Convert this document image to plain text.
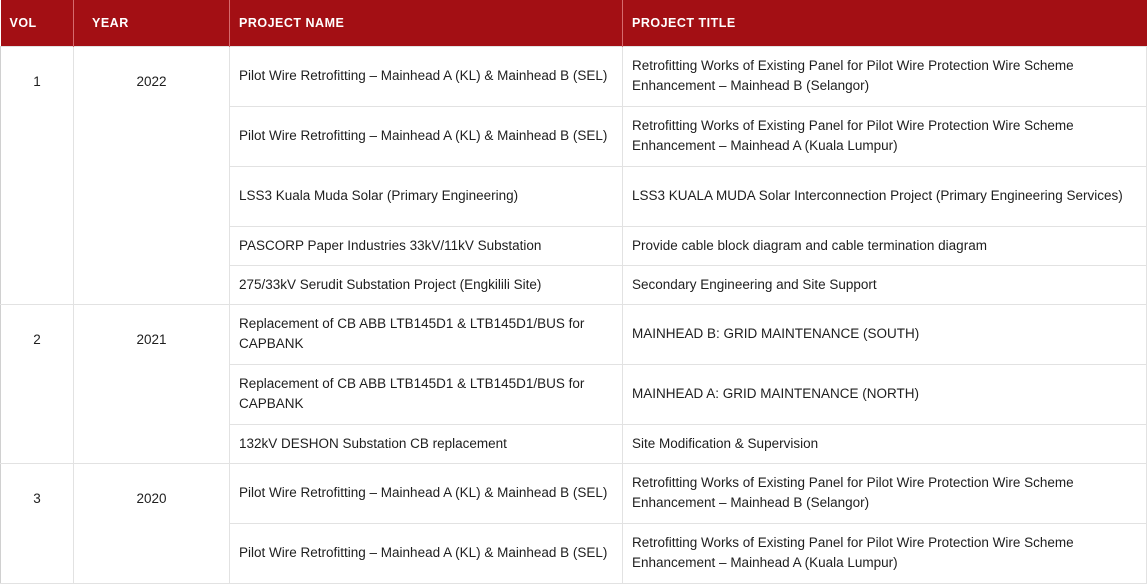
VOL	YEAR	PROJECT NAME	PROJECT TITLE
1	2022	Pilot Wire Retrofitting – Mainhead A (KL) & Mainhead B (SEL)	Retrofitting Works of Existing Panel for Pilot Wire Protection Wire Scheme Enhancement – Mainhead B (Selangor)
		Pilot Wire Retrofitting – Mainhead A (KL) & Mainhead B (SEL)	Retrofitting Works of Existing Panel for Pilot Wire Protection Wire Scheme Enhancement – Mainhead A (Kuala Lumpur)
		LSS3 Kuala Muda Solar (Primary Engineering)	LSS3 KUALA MUDA Solar Interconnection Project (Primary Engineering Services)
		PASCORP Paper Industries 33kV/11kV Substation	Provide cable block diagram and cable termination diagram
		275/33kV Serudit Substation Project (Engkilili Site)	Secondary Engineering and Site Support
2	2021	Replacement of CB ABB LTB145D1 & LTB145D1/BUS for CAPBANK	MAINHEAD B: GRID MAINTENANCE (SOUTH)
		Replacement of CB ABB LTB145D1 & LTB145D1/BUS for CAPBANK	MAINHEAD A: GRID MAINTENANCE (NORTH)
		132kV DESHON Substation CB replacement	Site Modification & Supervision
3	2020	Pilot Wire Retrofitting – Mainhead A (KL) & Mainhead B (SEL)	Retrofitting Works of Existing Panel for Pilot Wire Protection Wire Scheme Enhancement – Mainhead B (Selangor)
		Pilot Wire Retrofitting – Mainhead A (KL) & Mainhead B (SEL)	Retrofitting Works of Existing Panel for Pilot Wire Protection Wire Scheme Enhancement – Mainhead A (Kuala Lumpur)
